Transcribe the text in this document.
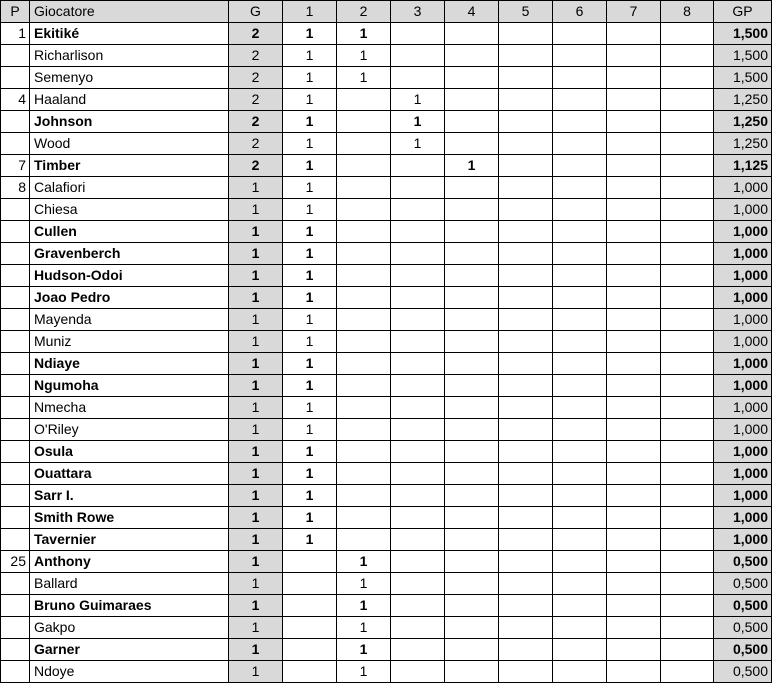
P	Giocatore	G	1	2	3	4	5	6	7	8	GP
1	Ekitiké	2	1	1							1,500
	Richarlison	2	1	1							1,500
	Semenyo	2	1	1							1,500
4	Haaland	2	1		1						1,250
	Johnson	2	1		1						1,250
	Wood	2	1		1						1,250
7	Timber	2	1			1					1,125
8	Calafiori	1	1								1,000
	Chiesa	1	1								1,000
	Cullen	1	1								1,000
	Gravenberch	1	1								1,000
	Hudson-Odoi	1	1								1,000
	Joao Pedro	1	1								1,000
	Mayenda	1	1								1,000
	Muniz	1	1								1,000
	Ndiaye	1	1								1,000
	Ngumoha	1	1								1,000
	Nmecha	1	1								1,000
	O'Riley	1	1								1,000
	Osula	1	1								1,000
	Ouattara	1	1								1,000
	Sarr I.	1	1								1,000
	Smith Rowe	1	1								1,000
	Tavernier	1	1								1,000
25	Anthony	1		1							0,500
	Ballard	1		1							0,500
	Bruno Guimaraes	1		1							0,500
	Gakpo	1		1							0,500
	Garner	1		1							0,500
	Ndoye	1		1							0,500
